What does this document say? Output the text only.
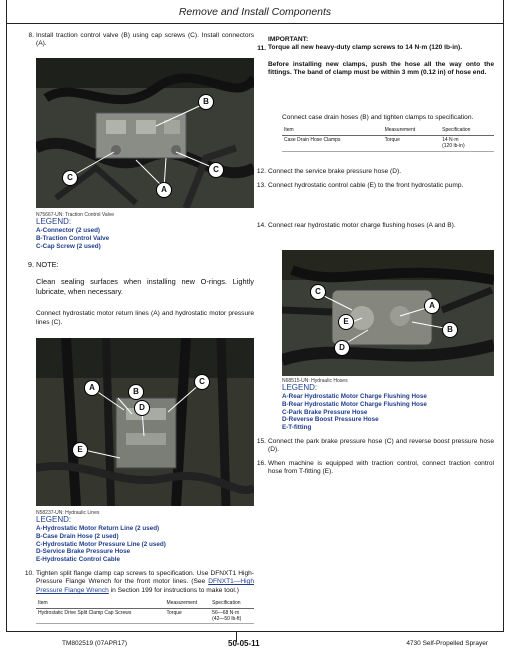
Remove and Install Components
8. Install traction control valve (B) using cap screws (C). Install connectors (A).
B
C
C
A
N75667-UN: Traction Control Valve
LEGEND:
A-Connector (2 used)
B-Traction Control Valve
C-Cap Screw (2 used)
9. NOTE:
Clean sealing surfaces when installing new O-rings. Lightly lubricate, when necessary.
Connect hydrostatic motor return lines (A) and hydrostatic motor pressure lines (C).
A	B
C
D
E
N58237-UN: Hydraulic Lines
LEGEND:
A-Hydrostatic Motor Return Line (2 used)
B-Case Drain Hose (2 used)
C-Hydrostatic Motor Pressure Line (2 used)
D-Service Brake Pressure Hose
E-Hydrostatic Control Cable
10. Tighten split flange clamp cap screws to specification. Use DFNXT1 High-Pressure Flange Wrench for the front motor lines. (See DFNXT1—High Pressure Flange Wrench in Section 199 for instructions to make tool.)
Item	Measurement	Specification
Hydrostatic Drive Split Clamp Cap Screws	Torque	56—68 N·m
(42—50 lb-ft)
IMPORTANT:
11. Torque all new heavy-duty clamp screws to 14 N·m (120 lb-in).
Before installing new clamps, push the hose all the way onto the fittings. The band of clamp must be within 3 mm (0.12 in) of hose end.
Connect case drain hoses (B) and tighten clamps to specification.
Item	Measurement	Specification
Case Drain Hose Clamps	Torque	14 N·m
(120 lb-in)
12. Connect the service brake pressure hose (D).
13. Connect hydrostatic control cable (E) to the front hydrostatic pump.
14. Connect rear hydrostatic motor charge flushing hoses (A and B).
C
A
E
B
D
N68515-UN: Hydraulic Hoses
LEGEND:
A-Rear Hydrostatic Motor Charge Flushing Hose
B-Rear Hydrostatic Motor Charge Flushing Hose
C-Park Brake Pressure Hose
D-Reverse Boost Pressure Hose
E-T-fitting
15. Connect the park brake pressure hose (C) and reverse boost pressure hose (D).
16. When machine is equipped with traction control, connect traction control hose from T-fitting (E).
TM802519 (07APR17)	50-05-11	4730 Self-Propelled Sprayer
